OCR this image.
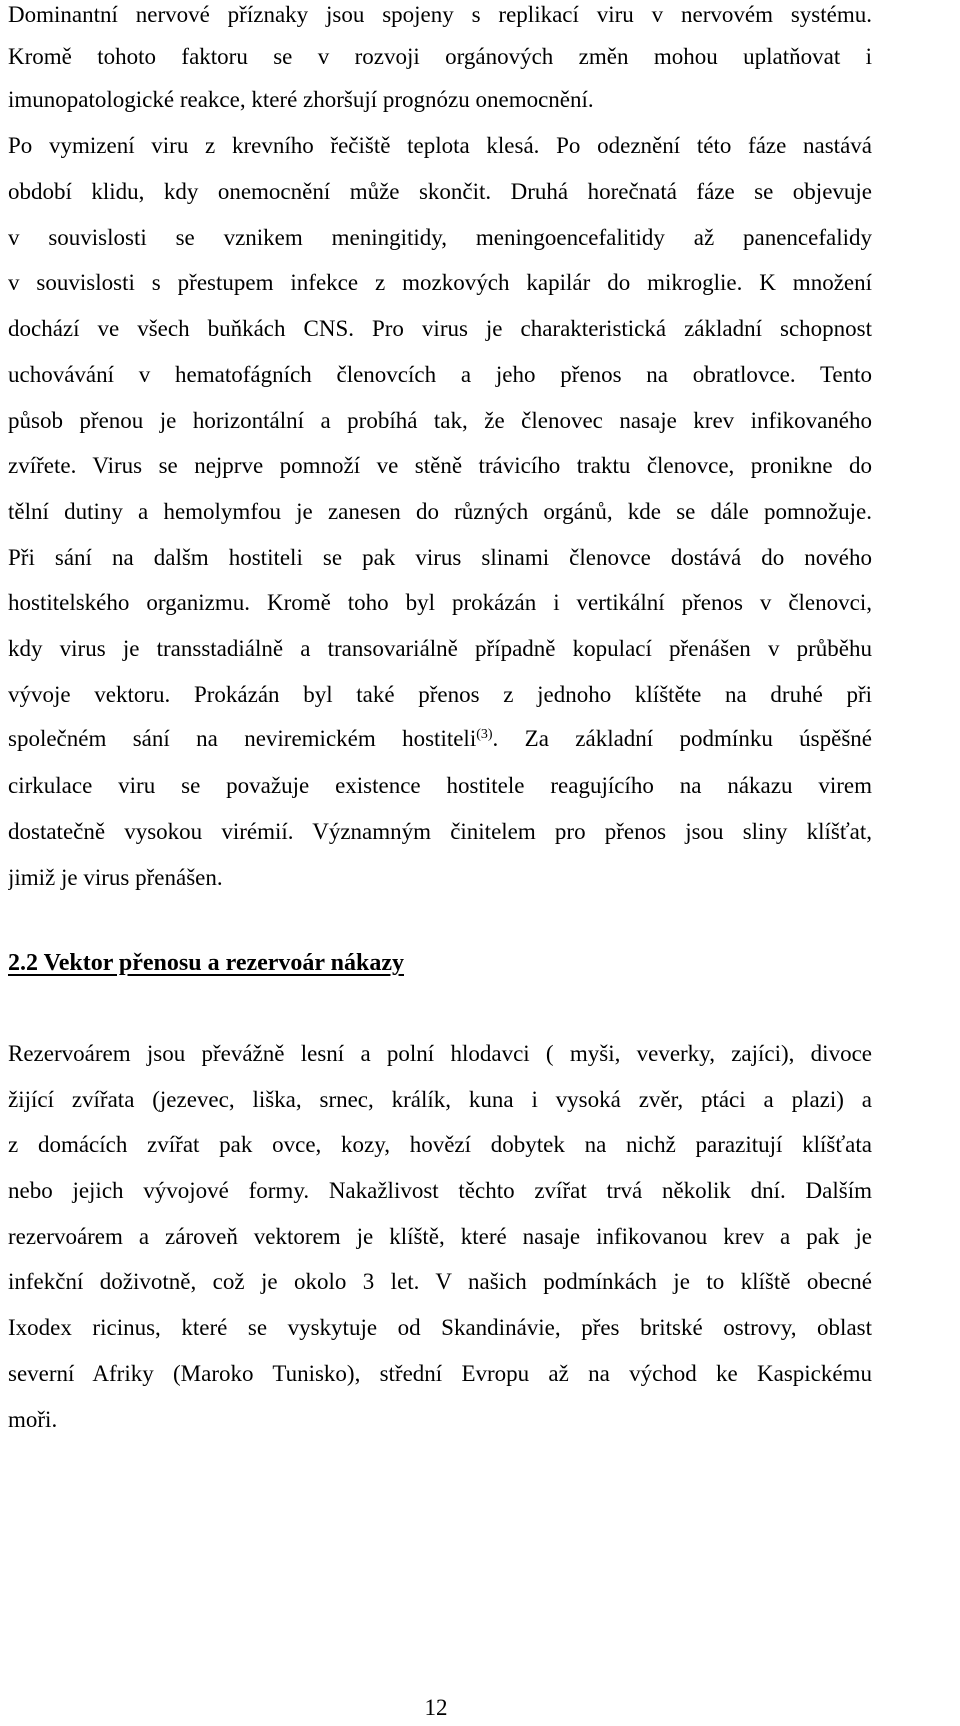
Dominantní nervové příznaky jsou spojeny s replikací viru v nervovém systému.
Kromě tohoto faktoru se v rozvoji orgánových změn mohou uplatňovat i
imunopatologické reakce, které zhoršují prognózu onemocnění.
Po vymizení viru z krevního řečiště teplota klesá. Po odeznění této fáze nastává
období klidu, kdy onemocnění může skončit. Druhá horečnatá fáze se objevuje
v souvislosti se vznikem meningitidy, meningoencefalitidy až panencefalidy
v souvislosti s přestupem infekce z mozkových kapilár do mikroglie. K množení
dochází ve všech buňkách CNS. Pro virus je charakteristická základní schopnost
uchovávání v hematofágních členovcích a jeho přenos na obratlovce. Tento
působ přenou je horizontální a probíhá tak, že členovec nasaje krev infikovaného
zvířete. Virus se nejprve pomnoží ve stěně trávicího traktu členovce, pronikne do
tělní dutiny a hemolymfou je zanesen do různých orgánů, kde se dále pomnožuje.
Při sání na dalšm hostiteli se pak virus slinami členovce dostává do nového
hostitelského organizmu. Kromě toho byl prokázán i vertikální přenos v členovci,
kdy virus je transstadiálně a transovariálně případně kopulací přenášen v průběhu
vývoje vektoru. Prokázán byl také přenos z jednoho klíštěte na druhé při
společném sání na neviremickém hostiteli$^{(3)}$. Za základní podmínku úspěšné
cirkulace viru se považuje existence hostitele reagujícího na nákazu virem
dostatečně vysokou virémií. Významným činitelem pro přenos jsou sliny klíšťat,
jimiž je virus přenášen.
2.2 Vektor přenosu a rezervoár nákazy
Rezervoárem jsou převážně lesní a polní hlodavci ( myši, veverky, zajíci), divoce
žijící zvířata (jezevec, liška, srnec, králík, kuna i vysoká zvěr, ptáci a plazi) a
z domácích zvířat pak ovce, kozy, hovězí dobytek na nichž parazitují klíšťata
nebo jejich vývojové formy. Nakažlivost těchto zvířat trvá několik dní. Dalším
rezervoárem a zároveň vektorem je klíště, které nasaje infikovanou krev a pak je
infekční doživotně, což je okolo 3 let. V našich podmínkách je to klíště obecné
Ixodex ricinus, které se vyskytuje od Skandinávie, přes britské ostrovy, oblast
severní Afriky (Maroko Tunisko), střední Evropu až na východ ke Kaspickému
moři.
12
